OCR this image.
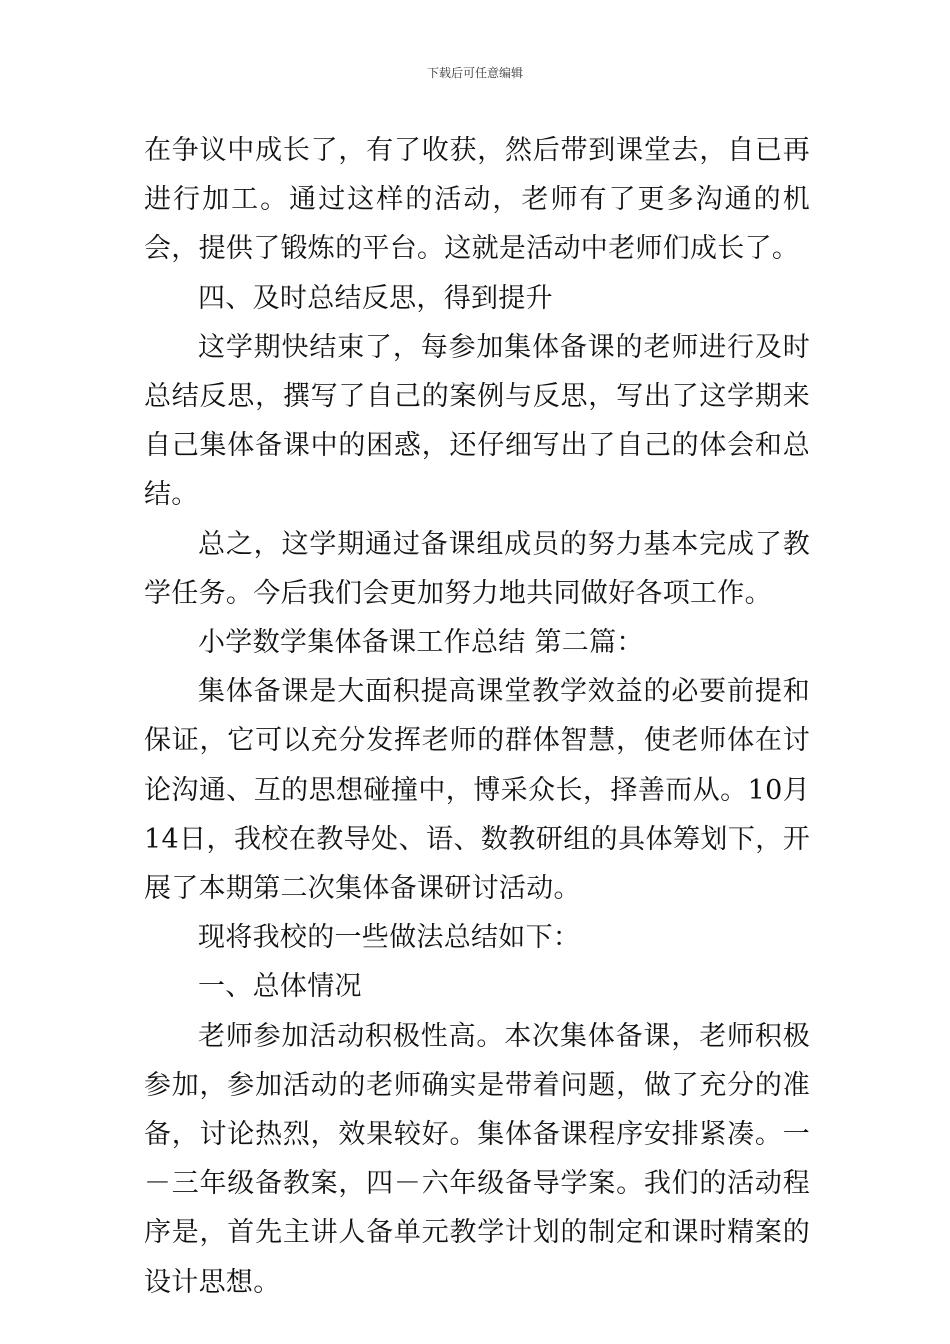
下载后可任意编辑

在争议中成长了，有了收获，然后带到课堂去，自已再进行加工。通过这样的活动，老师有了更多沟通的机会，提供了锻炼的平台。这就是活动中老师们成长了。

四、及时总结反思，得到提升

这学期快结束了，每参加集体备课的老师进行及时总结反思，撰写了自己的案例与反思，写出了这学期来自己集体备课中的困惑，还仔细写出了自己的体会和总结。

总之，这学期通过备课组成员的努力基本完成了教学任务。今后我们会更加努力地共同做好各项工作。

小学数学集体备课工作总结 第二篇：

集体备课是大面积提高课堂教学效益的必要前提和保证，它可以充分发挥老师的群体智慧，使老师体在讨论沟通、互的思想碰撞中，博采众长，择善而从。10月14日，我校在教导处、语、数教研组的具体筹划下，开展了本期第二次集体备课研讨活动。

现将我校的一些做法总结如下：

一、总体情况

老师参加活动积极性高。本次集体备课，老师积极参加，参加活动的老师确实是带着问题，做了充分的准备，讨论热烈，效果较好。集体备课程序安排紧凑。一－三年级备教案，四－六年级备导学案。我们的活动程序是，首先主讲人备单元教学计划的制定和课时精案的设计思想。
